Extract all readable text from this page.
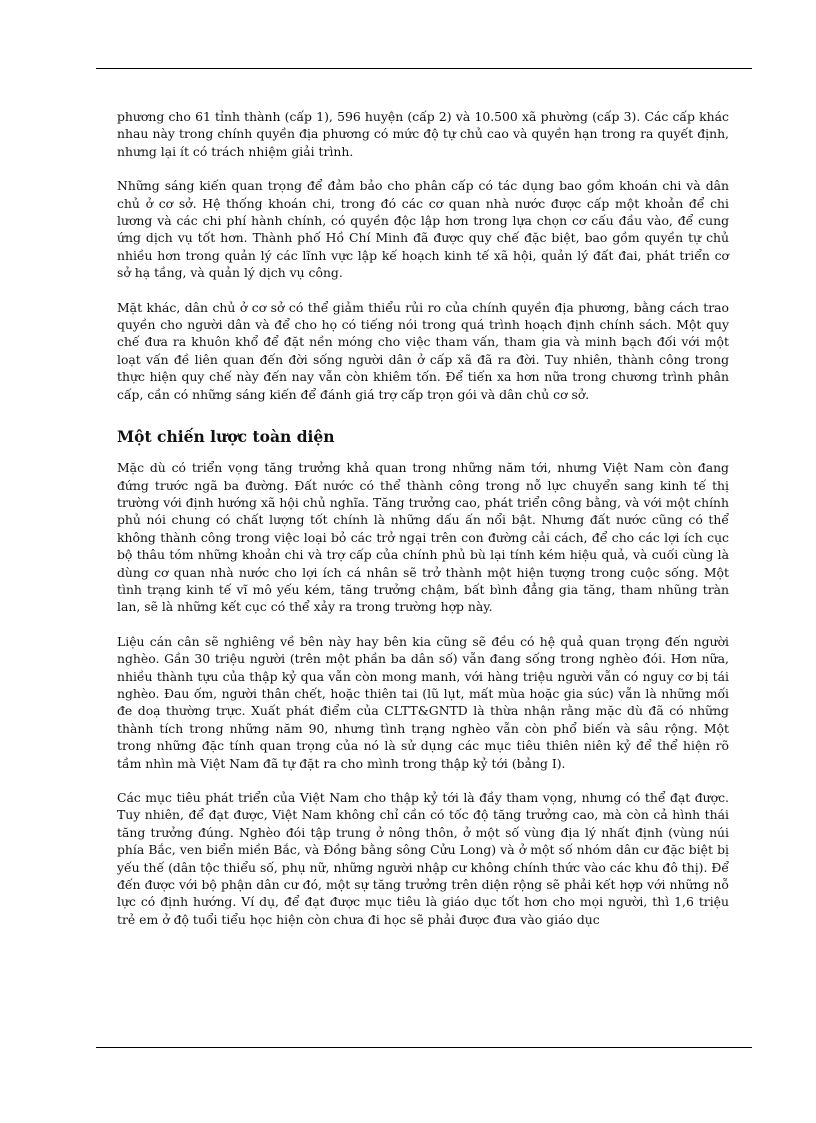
phương cho 61 tỉnh thành (cấp 1), 596 huyện (cấp 2) và 10.500 xã phường (cấp 3). Các cấp khác nhau này trong chính quyền địa phương có mức độ tự chủ cao và quyền hạn trong ra quyết định, nhưng lại ít có trách nhiệm giải trình.

Những sáng kiến quan trọng để đảm bảo cho phân cấp có tác dụng bao gồm khoán chi và dân chủ ở cơ sở. Hệ thống khoán chi, trong đó các cơ quan nhà nước được cấp một khoản để chi lương và các chi phí hành chính, có quyền độc lập hơn trong lựa chọn cơ cấu đầu vào, để cung ứng dịch vụ tốt hơn. Thành phố Hồ Chí Minh đã được quy chế đặc biệt, bao gồm quyền tự chủ nhiều hơn trong quản lý các lĩnh vực lập kế hoạch kinh tế xã hội, quản lý đất đai, phát triển cơ sở hạ tầng, và quản lý dịch vụ công.

Mặt khác, dân chủ ở cơ sở có thể giảm thiểu rủi ro của chính quyền địa phương, bằng cách trao quyền cho người dân và để cho họ có tiếng nói trong quá trình hoạch định chính sách. Một quy chế đưa ra khuôn khổ để đặt nền móng cho việc tham vấn, tham gia và minh bạch đối với một loạt vấn đề liên quan đến đời sống người dân ở cấp xã đã ra đời. Tuy nhiên, thành công trong thực hiện quy chế này đến nay vẫn còn khiêm tốn. Để tiến xa hơn nữa trong chương trình phân cấp, cần có những sáng kiến để đánh giá trợ cấp trọn gói và dân chủ cơ sở.

Một chiến lược toàn diện

Mặc dù có triển vọng tăng trưởng khả quan trong những năm tới, nhưng Việt Nam còn đang đứng trước ngã ba đường. Đất nước có thể thành công trong nỗ lực chuyển sang kinh tế thị trường với định hướng xã hội chủ nghĩa. Tăng trưởng cao, phát triển công bằng, và với một chính phủ nói chung có chất lượng tốt chính là những dấu ấn nổi bật. Nhưng đất nước cũng có thể không thành công trong việc loại bỏ các trở ngại trên con đường cải cách, để cho các lợi ích cục bộ thâu tóm những khoản chi và trợ cấp của chính phủ bù lại tính kém hiệu quả, và cuối cùng là dùng cơ quan nhà nước cho lợi ích cá nhân sẽ trở thành một hiện tượng trong cuộc sống. Một tình trạng kinh tế vĩ mô yếu kém, tăng trưởng chậm, bất bình đẳng gia tăng, tham nhũng tràn lan, sẽ là những kết cục có thể xảy ra trong trường hợp này.

Liệu cán cân sẽ nghiêng về bên này hay bên kia cũng sẽ đều có hệ quả quan trọng đến người nghèo. Gần 30 triệu người (trên một phần ba dân số) vẫn đang sống trong nghèo đói. Hơn nữa, nhiều thành tựu của thập kỷ qua vẫn còn mong manh, với hàng triệu người vẫn có nguy cơ bị tái nghèo. Đau ốm, người thân chết, hoặc thiên tai (lũ lụt, mất mùa hoặc gia súc) vẫn là những mối đe doạ thường trực. Xuất phát điểm của CLTT&GNTD là thừa nhận rằng mặc dù đã có những thành tích trong những năm 90, nhưng tình trạng nghèo vẫn còn phổ biến và sâu rộng. Một trong những đặc tính quan trọng của nó là sử dụng các mục tiêu thiên niên kỷ để thể hiện rõ tầm nhìn mà Việt Nam đã tự đặt ra cho mình trong thập kỷ tới (bảng I).

Các mục tiêu phát triển của Việt Nam cho thập kỷ tới là đầy tham vọng, nhưng có thể đạt được. Tuy nhiên, để đạt được, Việt Nam không chỉ cần có tốc độ tăng trưởng cao, mà còn cả hình thái tăng trưởng đúng. Nghèo đói tập trung ở nông thôn, ở một số vùng địa lý nhất định (vùng núi phía Bắc, ven biển miền Bắc, và Đồng bằng sông Cửu Long) và ở một số nhóm dân cư đặc biệt bị yếu thế (dân tộc thiểu số, phụ nữ, những người nhập cư không chính thức vào các khu đô thị). Để đến được với bộ phận dân cư đó, một sự tăng trưởng trên diện rộng sẽ phải kết hợp với những nỗ lực có định hướng. Ví dụ, để đạt được mục tiêu là giáo dục tốt hơn cho mọi người, thì 1,6 triệu trẻ em ở độ tuổi tiểu học hiện còn chưa đi học sẽ phải được đưa vào giáo dục
